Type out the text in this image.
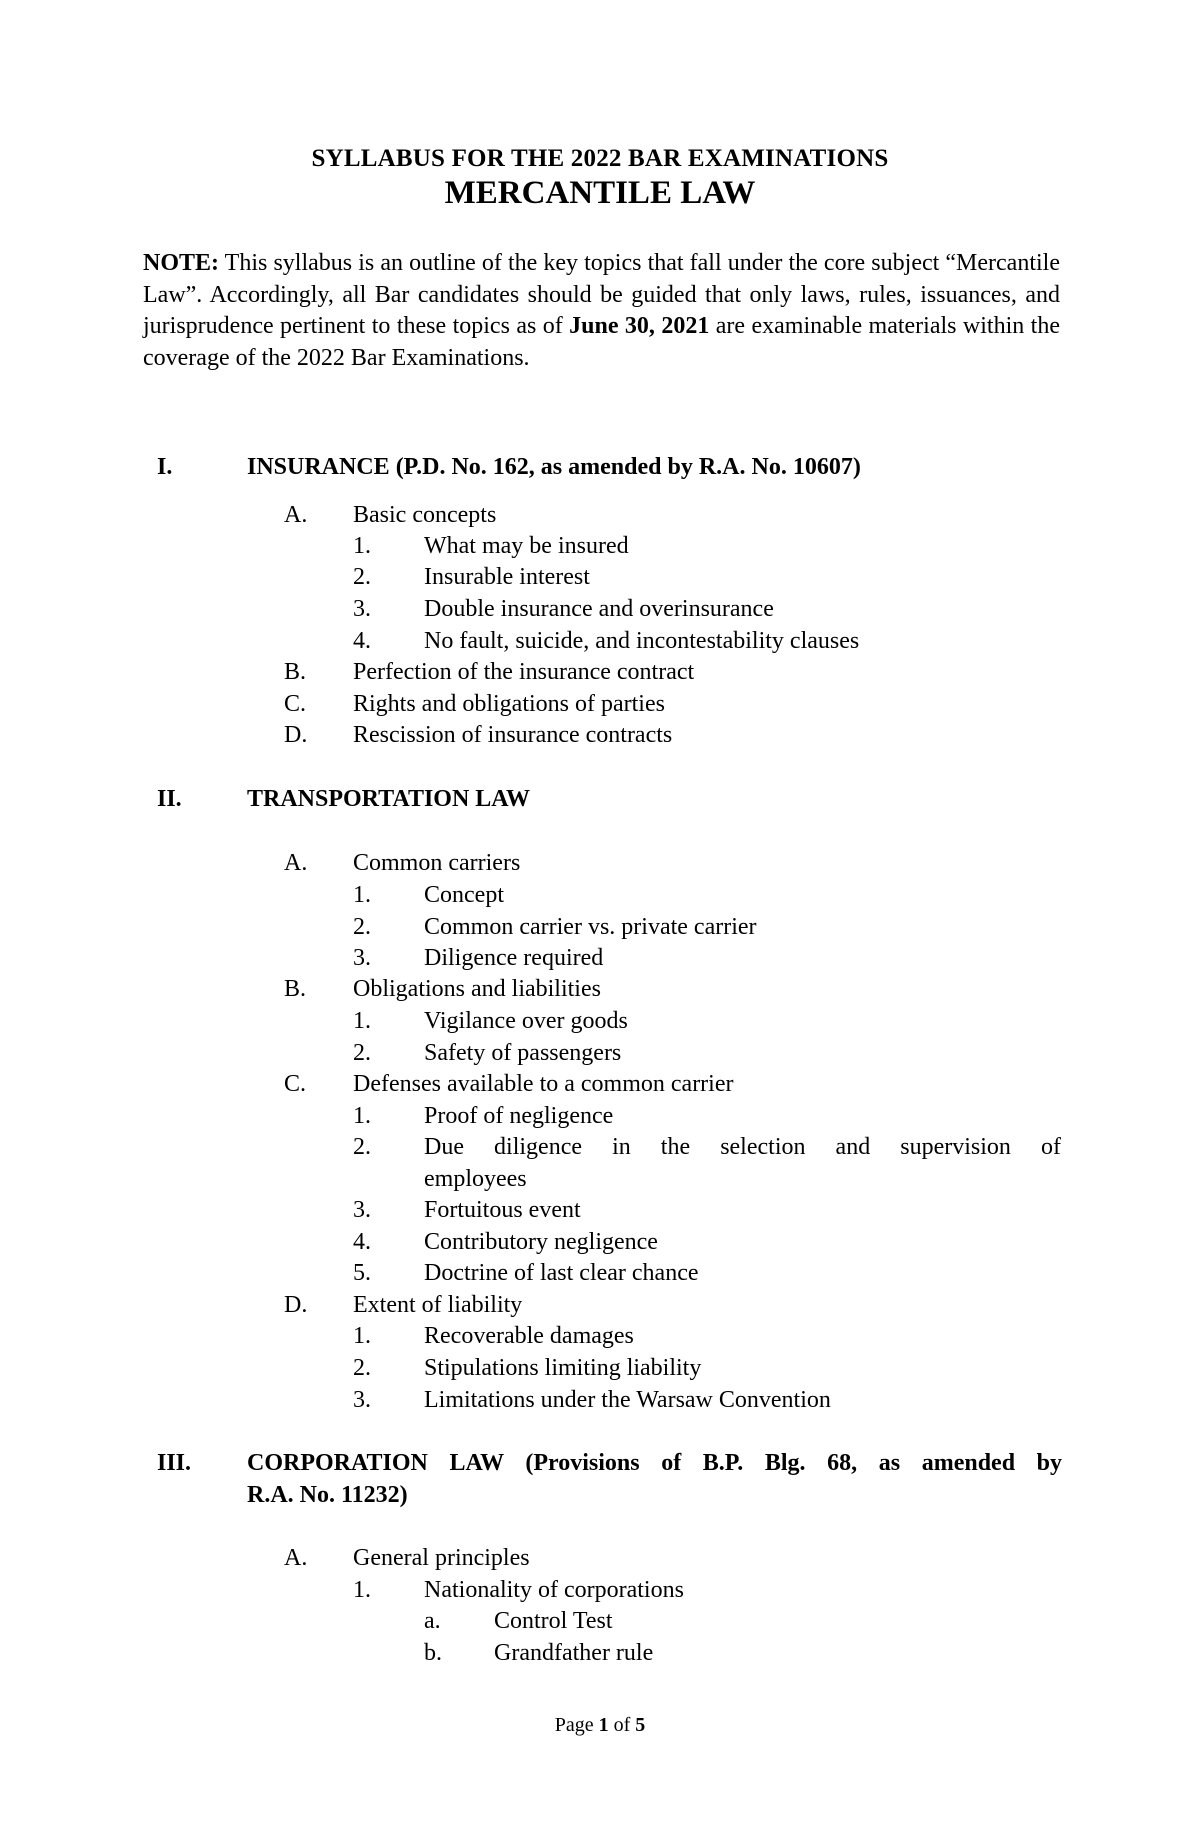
SYLLABUS FOR THE 2022 BAR EXAMINATIONS
MERCANTILE LAW
NOTE: This syllabus is an outline of the key topics that fall under the core subject “Mercantile Law”. Accordingly, all Bar candidates should be guided that only laws, rules, issuances, and jurisprudence pertinent to these topics as of June 30, 2021 are examinable materials within the coverage of the 2022 Bar Examinations.
I.	INSURANCE (P.D. No. 162, as amended by R.A. No. 10607)
A. Basic concepts
1. What may be insured
2. Insurable interest
3. Double insurance and overinsurance
4. No fault, suicide, and incontestability clauses
B. Perfection of the insurance contract
C. Rights and obligations of parties
D. Rescission of insurance contracts
II.	TRANSPORTATION LAW
A. Common carriers
1. Concept
2. Common carrier vs. private carrier
3. Diligence required
B. Obligations and liabilities
1. Vigilance over goods
2. Safety of passengers
C. Defenses available to a common carrier
1. Proof of negligence
2. Due diligence in the selection and supervision of
employees
3. Fortuitous event
4. Contributory negligence
5. Doctrine of last clear chance
D. Extent of liability
1. Recoverable damages
2. Stipulations limiting liability
3. Limitations under the Warsaw Convention
III. CORPORATION LAW (Provisions of B.P. Blg. 68, as amended by
R.A. No. 11232)
A. General principles
1. Nationality of corporations
a. Control Test
b. Grandfather rule
Page 1 of 5
